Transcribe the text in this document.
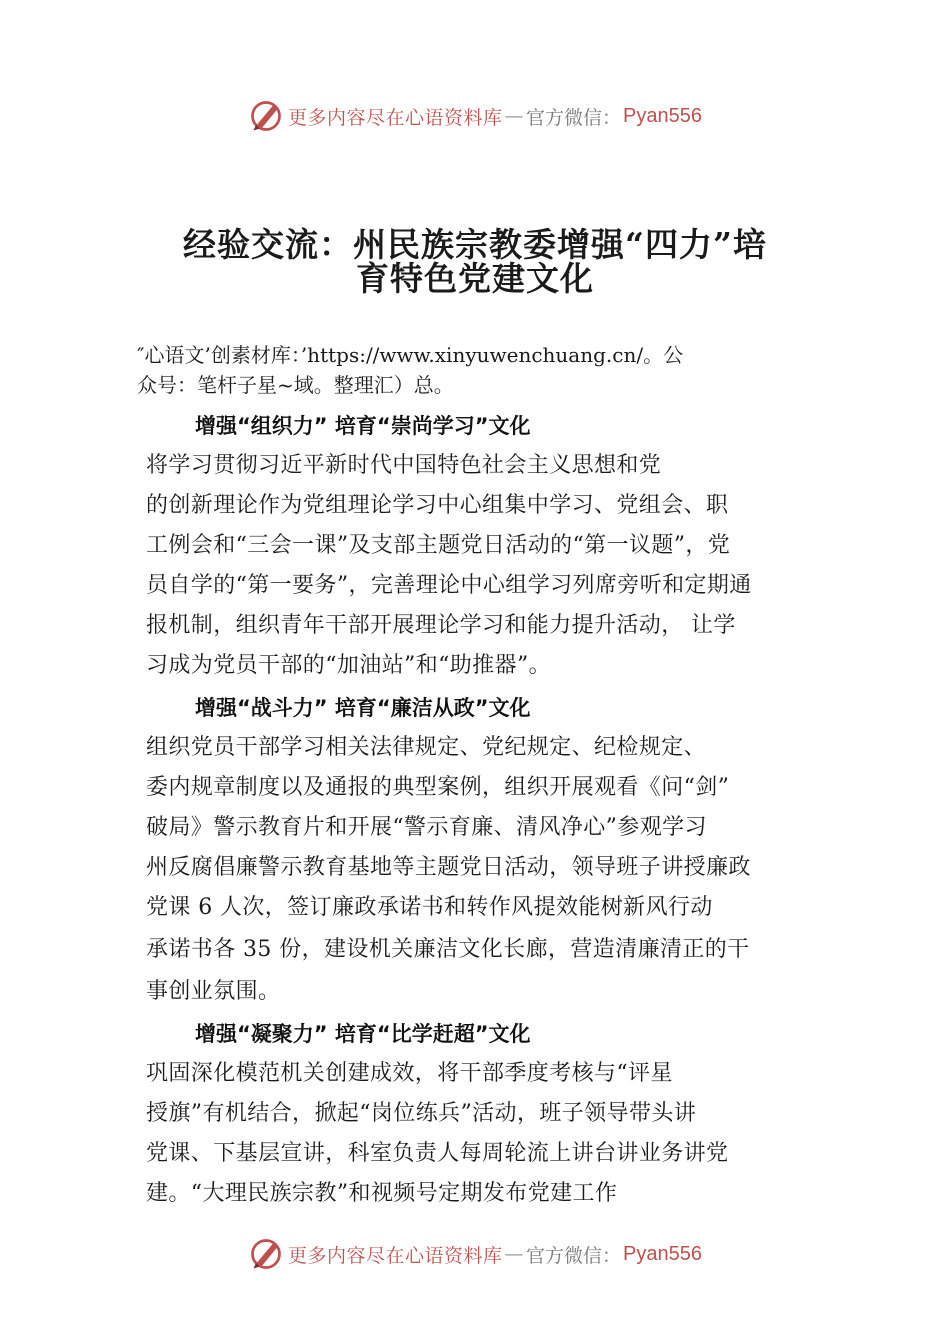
更多内容尽在心语资料库 — 官方微信： Pyan556
经验交流：州民族宗教委增强“四力”培
育特色党建文化

″心语文’创素材库：’https://www.xinyuwenchuang.cn/。公
众号：笔杆子星~域。整理汇）总。

增强“组织力” 培育“崇尚学习”文化

将学习贯彻习近平新时代中国特色社会主义思想和党

的创新理论作为党组理论学习中心组集中学习、党组会、职

工例会和“三会一课”及支部主题党日活动的“第一议题”，党

员自学的“第一要务”，完善理论中心组学习列席旁听和定期通

报机制，组织青年干部开展理论学习和能力提升活动， 让学

习成为党员干部的“加油站”和“助推器”。

增强“战斗力” 培育“廉洁从政”文化

组织党员干部学习相关法律规定、党纪规定、纪检规定、

委内规章制度以及通报的典型案例，组织开展观看《问“剑”

破局》警示教育片和开展“警示育廉、清风净心”参观学习

州反腐倡廉警示教育基地等主题党日活动，领导班子讲授廉政

党课 6 人次，签订廉政承诺书和转作风提效能树新风行动

承诺书各 35 份，建设机关廉洁文化长廊，营造清廉清正的干

事创业氛围。

增强“凝聚力” 培育“比学赶超”文化

巩固深化模范机关创建成效，将干部季度考核与“评星

授旗”有机结合，掀起“岗位练兵”活动，班子领导带头讲

党课、下基层宣讲，科室负责人每周轮流上讲台讲业务讲党

建。“大理民族宗教”和视频号定期发布党建工作

更多内容尽在心语资料库 — 官方微信： Pyan556
